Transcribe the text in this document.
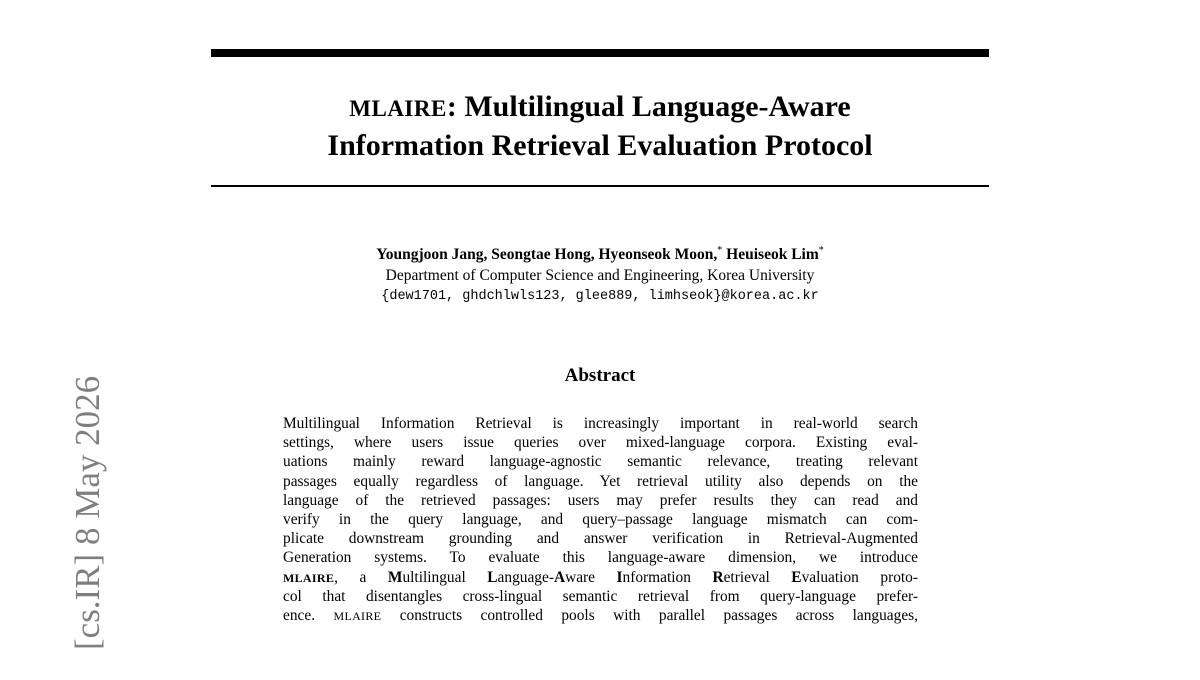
MLAIRE: Multilingual Language-Aware
Information Retrieval Evaluation Protocol
Youngjoon Jang, Seongtae Hong, Hyeonseok Moon,* Heuiseok Lim*
Department of Computer Science and Engineering, Korea University
{dew1701, ghdchlwls123, glee889, limhseok}@korea.ac.kr
Abstract
Multilingual Information Retrieval is increasingly important in real-world search
settings, where users issue queries over mixed-language corpora. Existing eval-
uations mainly reward language-agnostic semantic relevance, treating relevant
passages equally regardless of language. Yet retrieval utility also depends on the
language of the retrieved passages: users may prefer results they can read and
verify in the query language, and query–passage language mismatch can com-
plicate downstream grounding and answer verification in Retrieval-Augmented
Generation systems. To evaluate this language-aware dimension, we introduce
MLAIRE, a Multilingual Language-Aware Information Retrieval Evaluation proto-
col that disentangles cross-lingual semantic retrieval from query-language prefer-
ence. MLAIRE constructs controlled pools with parallel passages across languages,
[cs.IR] 8 May 2026
